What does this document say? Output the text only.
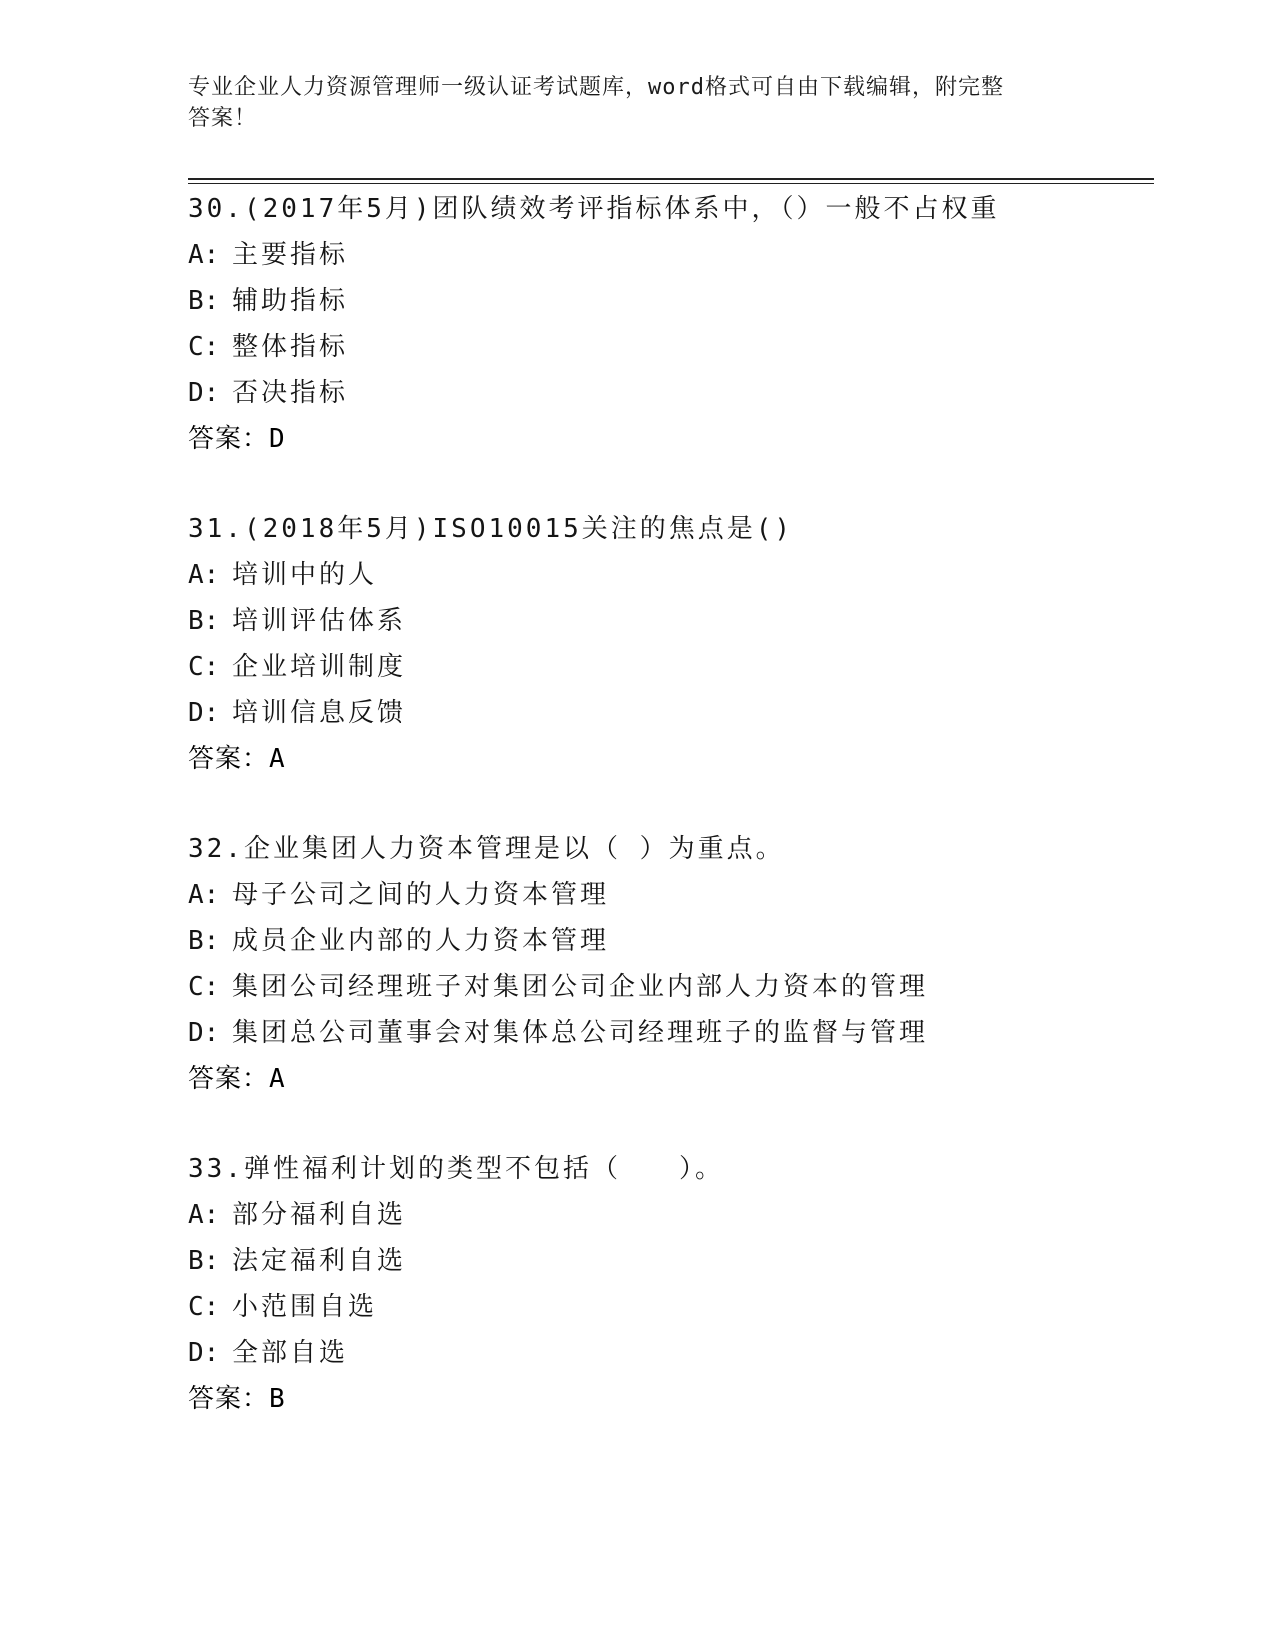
专业企业人力资源管理师一级认证考试题库，word格式可自由下载编辑，附完整
答案！
30.(2017年5月)团队绩效考评指标体系中，（）一般不占权重
A: 主要指标
B: 辅助指标
C: 整体指标
D: 否决指标
答案：D
31.(2018年5月)ISO10015关注的焦点是()
A: 培训中的人
B: 培训评估体系
C: 企业培训制度
D: 培训信息反馈
答案：A
32.企业集团人力资本管理是以（ ）为重点。
A: 母子公司之间的人力资本管理
B: 成员企业内部的人力资本管理
C: 集团公司经理班子对集团公司企业内部人力资本的管理
D: 集团总公司董事会对集体总公司经理班子的监督与管理
答案：A
33.弹性福利计划的类型不包括（　　）。
A: 部分福利自选
B: 法定福利自选
C: 小范围自选
D: 全部自选
答案：B
